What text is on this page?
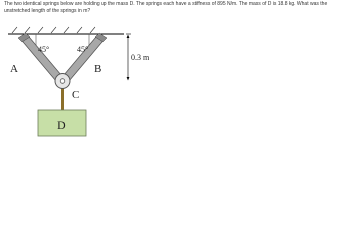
The two identical springs below are holding up the mass D. The springs each have a stiffness of 895 N/m. The mass of D is 18.8 kg. What was the unstretched length of the springs in m?
45°	45°
A	B
C
D
0.3 m
